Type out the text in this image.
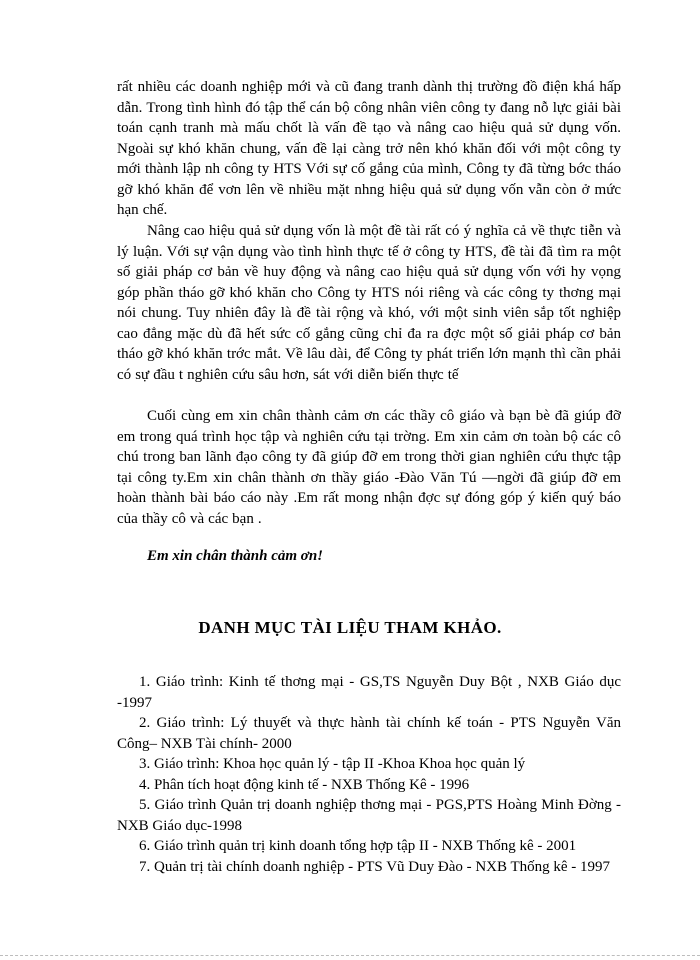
rất nhiều các doanh nghiệp mới và cũ đang tranh dành thị trường đồ điện khá hấp dẫn. Trong tình hình đó tập thể cán bộ công nhân viên công ty đang nỗ lực giải bài toán cạnh tranh mà mấu chốt là vấn đề tạo và nâng cao hiệu quả sử dụng vốn. Ngoài sự khó khăn chung, vấn đề lại càng trở nên khó khăn đối với một công ty mới thành lập nh công ty HTS Với sự cố gắng của mình, Công ty đã từng bớc tháo gỡ khó khăn để vơn lên về nhiều mặt nhng hiệu quả sử dụng vốn vẫn còn ở mức hạn chế.

Nâng cao hiệu quả sử dụng vốn là một đề tài rất có ý nghĩa cả về thực tiễn và lý luận. Với sự vận dụng vào tình hình thực tế ở công ty HTS, đề tài đã tìm ra một số giải pháp cơ bản về huy động và nâng cao hiệu quả sử dụng vốn với hy vọng góp phần tháo gỡ khó khăn cho Công ty HTS nói riêng và các công ty thơng mại nói chung. Tuy nhiên đây là đề tài rộng và khó, với một sinh viên sắp tốt nghiệp cao đẳng mặc dù đã hết sức cố gắng cũng chỉ đa ra đợc một số giải pháp cơ bản tháo gỡ khó khăn trớc mắt. Về lâu dài, để Công ty phát triển lớn mạnh thì cần phải có sự đầu t nghiên cứu sâu hơn, sát với diễn biến thực tế

Cuối cùng em xin chân thành cảm ơn các thầy cô giáo và bạn bè đã giúp đỡ em trong quá trình học tập và nghiên cứu tại trờng. Em xin cảm ơn toàn bộ các cô chú trong ban lãnh đạo công ty đã giúp đỡ em trong thời gian nghiên cứu thực tập tại công ty.Em xin chân thành ơn thầy giáo -Đào Văn Tú —ngời đã giúp đỡ em hoàn thành bài báo cáo này .Em rất mong nhận đợc sự đóng góp ý kiến quý báo của thầy cô và các bạn .

Em xin chân thành cảm ơn!

DANH MỤC TÀI LIỆU THAM KHẢO.
1. Giáo trình: Kinh tế thơng mại - GS,TS Nguyễn Duy Bột , NXB Giáo dục -1997
2. Giáo trình: Lý thuyết và thực hành tài chính kế toán - PTS Nguyễn Văn Công– NXB Tài chính- 2000
3. Giáo trình: Khoa học quản lý - tập II -Khoa Khoa học quản lý
4. Phân tích hoạt động kinh tế - NXB Thống Kê - 1996
5. Giáo trình Quản trị doanh nghiệp thơng mại - PGS,PTS Hoàng Minh Đờng - NXB Giáo dục-1998
6. Giáo trình quản trị kinh doanh tổng hợp tập II - NXB Thống kê - 2001
7. Quản trị tài chính doanh nghiệp - PTS Vũ Duy Đào - NXB Thống kê - 1997
